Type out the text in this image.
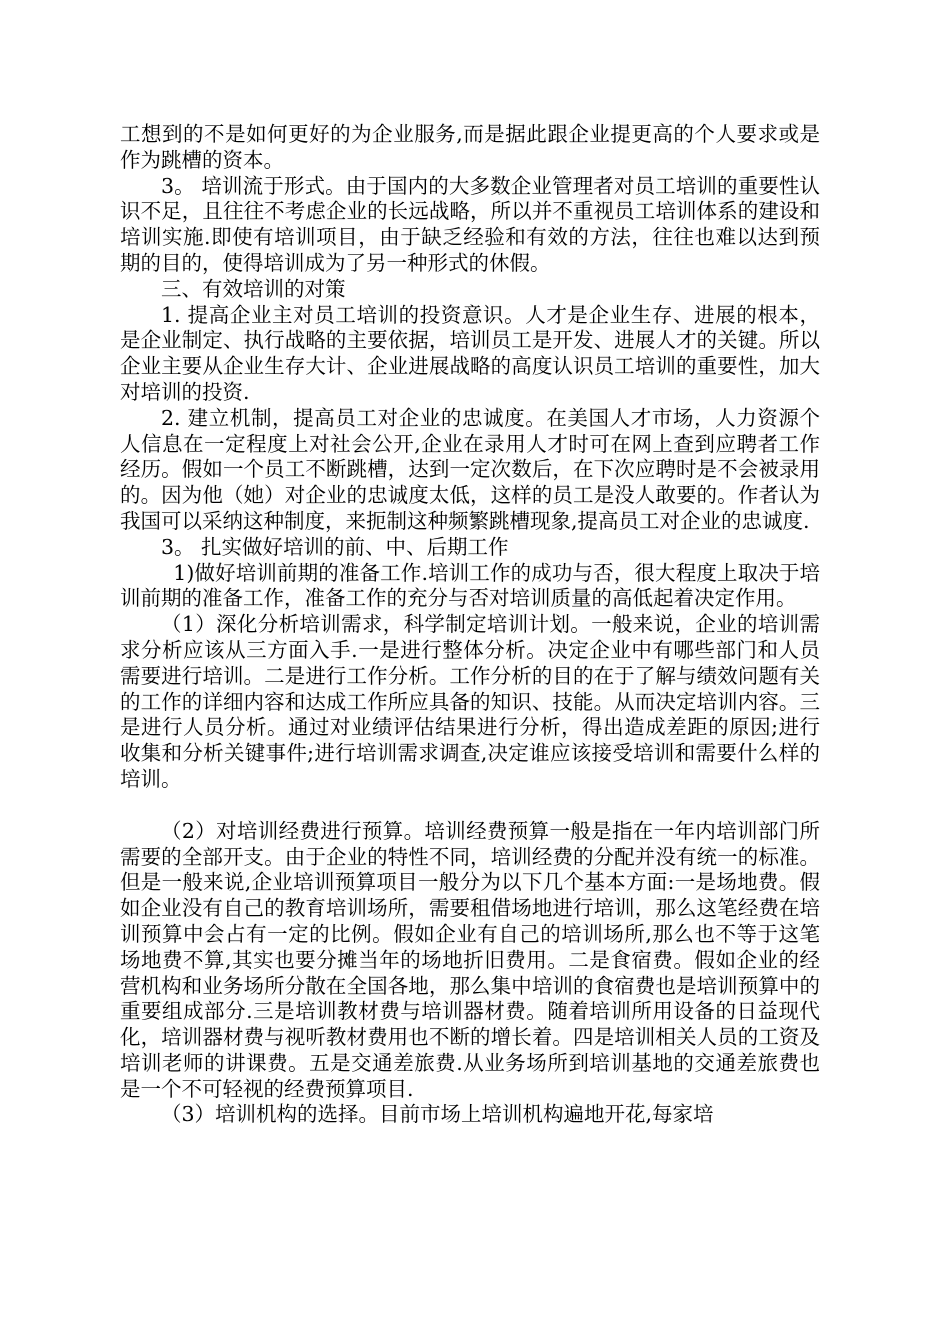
工想到的不是如何更好的为企业服务,而是据此跟企业提更高的个人要求或是作为跳槽的资本。

3。 培训流于形式。由于国内的大多数企业管理者对员工培训的重要性认识不足，且往往不考虑企业的长远战略，所以并不重视员工培训体系的建设和培训实施.即使有培训项目，由于缺乏经验和有效的方法，往往也难以达到预期的目的，使得培训成为了另一种形式的休假。

三、有效培训的对策

1. 提高企业主对员工培训的投资意识。人才是企业生存、进展的根本，是企业制定、执行战略的主要依据，培训员工是开发、进展人才的关键。所以企业主要从企业生存大计、企业进展战略的高度认识员工培训的重要性，加大对培训的投资.

2. 建立机制，提高员工对企业的忠诚度。在美国人才市场，人力资源个人信息在一定程度上对社会公开,企业在录用人才时可在网上查到应聘者工作经历。假如一个员工不断跳槽，达到一定次数后，在下次应聘时是不会被录用的。因为他（她）对企业的忠诚度太低，这样的员工是没人敢要的。作者认为我国可以采纳这种制度，来扼制这种频繁跳槽现象,提高员工对企业的忠诚度.

3。 扎实做好培训的前、中、后期工作

1)做好培训前期的准备工作.培训工作的成功与否，很大程度上取决于培训前期的准备工作，准备工作的充分与否对培训质量的高低起着决定作用。

（1）深化分析培训需求，科学制定培训计划。一般来说，企业的培训需求分析应该从三方面入手.一是进行整体分析。决定企业中有哪些部门和人员需要进行培训。二是进行工作分析。工作分析的目的在于了解与绩效问题有关的工作的详细内容和达成工作所应具备的知识、技能。从而决定培训内容。三是进行人员分析。通过对业绩评估结果进行分析，得出造成差距的原因;进行收集和分析关键事件;进行培训需求调查,决定谁应该接受培训和需要什么样的培训。

（2）对培训经费进行预算。培训经费预算一般是指在一年内培训部门所需要的全部开支。由于企业的特性不同，培训经费的分配并没有统一的标准。但是一般来说,企业培训预算项目一般分为以下几个基本方面:一是场地费。假如企业没有自己的教育培训场所，需要租借场地进行培训，那么这笔经费在培训预算中会占有一定的比例。假如企业有自己的培训场所,那么也不等于这笔场地费不算,其实也要分摊当年的场地折旧费用。二是食宿费。假如企业的经营机构和业务场所分散在全国各地，那么集中培训的食宿费也是培训预算中的重要组成部分.三是培训教材费与培训器材费。随着培训所用设备的日益现代化，培训器材费与视听教材费用也不断的增长着。四是培训相关人员的工资及培训老师的讲课费。五是交通差旅费.从业务场所到培训基地的交通差旅费也是一个不可轻视的经费预算项目.

（3）培训机构的选择。目前市场上培训机构遍地开花,每家培
